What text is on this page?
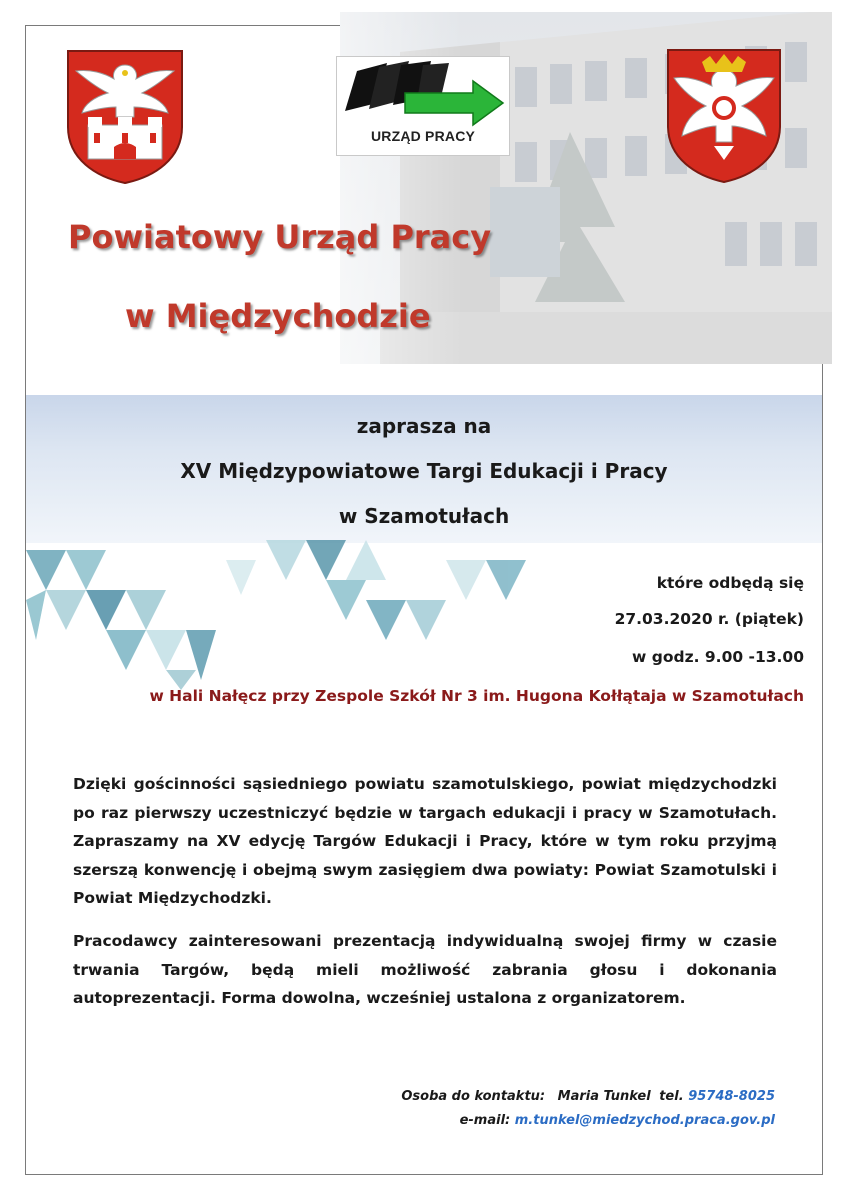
URZĄD PRACY
Powiatowy Urząd Pracy
w Międzychodzie
zaprasza na
XV Międzypowiatowe Targi Edukacji i Pracy
w Szamotułach
które odbędą się
27.03.2020 r. (piątek)
w godz. 9.00 -13.00
w Hali Nałęcz przy Zespole Szkół Nr 3 im. Hugona Kołłątaja w Szamotułach

Dzięki gościnności sąsiedniego powiatu szamotulskiego, powiat międzychodzki po raz pierwszy uczestniczyć będzie w targach edukacji i pracy w Szamotułach. Zapraszamy na XV edycję Targów Edukacji i Pracy, które w tym roku przyjmą szerszą konwencję i obejmą swym zasięgiem dwa powiaty: Powiat Szamotulski i Powiat Międzychodzki.

Pracodawcy zainteresowani prezentacją indywidualną swojej firmy w czasie trwania Targów, będą mieli możliwość zabrania głosu i dokonania autoprezentacji. Forma dowolna, wcześniej ustalona z organizatorem.

Osoba do kontaktu: Maria Tunkel tel. 95748-8025
e-mail: m.tunkel@miedzychod.praca.gov.pl
